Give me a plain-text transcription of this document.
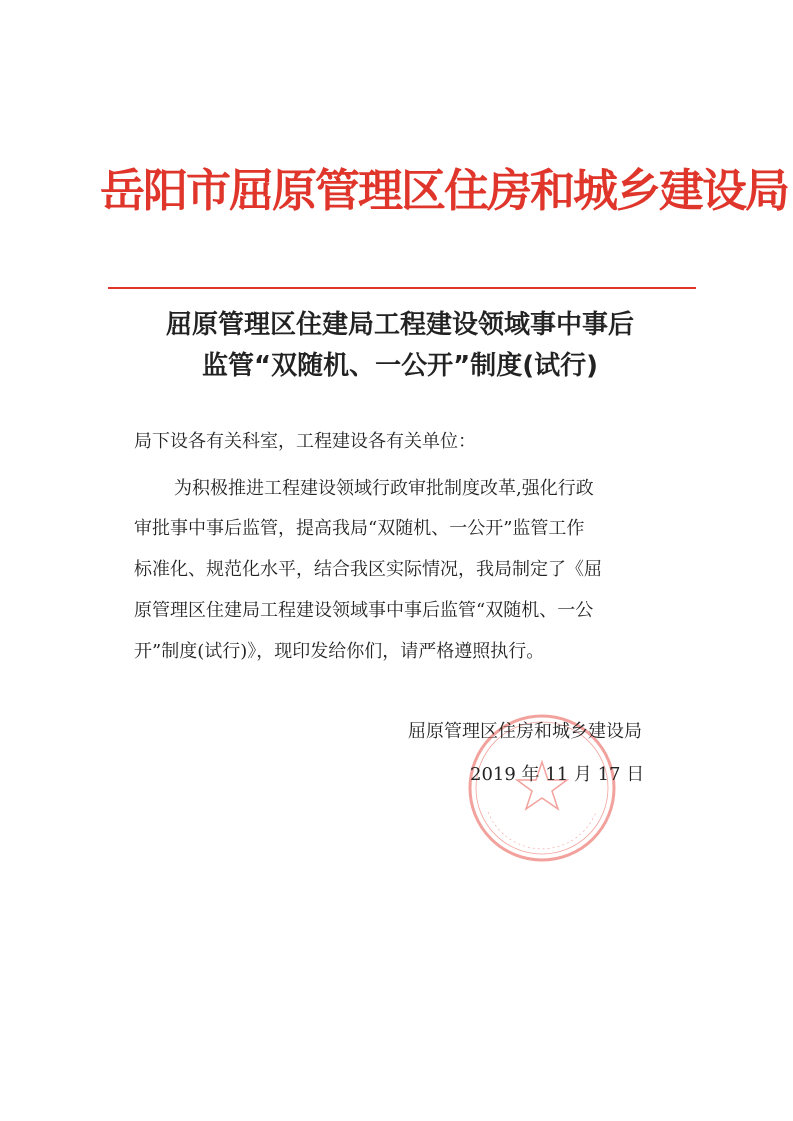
岳阳市屈原管理区住房和城乡建设局
屈原管理区住建局工程建设领域事中事后
监管“双随机、一公开”制度(试行)
局下设各有关科室，工程建设各有关单位：
为积极推进工程建设领域行政审批制度改革,强化行政
审批事中事后监管，提高我局“双随机、一公开”监管工作
标准化、规范化水平，结合我区实际情况，我局制定了《屈
原管理区住建局工程建设领域事中事后监管“双随机、一公
开”制度(试行)》，现印发给你们，请严格遵照执行。
屈原管理区住房和城乡建设局
2019 年 11 月 17 日
